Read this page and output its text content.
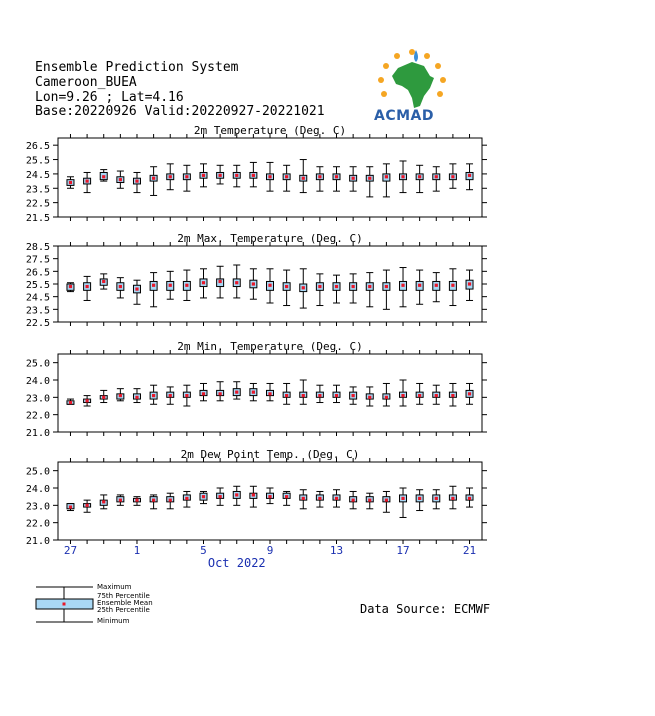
Ensemble Prediction System
Cameroon_BUEA
Lon=9.26 ; Lat=4.16
Base:20220926 Valid:20220927-20221021	ACMAD
2m Temperature (Deg. C)
21.5
22.5
23.5
24.5
25.5
26.5
2m Max. Temperature (Deg. C)
22.5
23.5
24.5
25.5
26.5
27.5
28.5
2m Min. Temperature (Deg. C)
21.0
22.0
23.0
24.0
25.0
2m Dew Point Temp. (Deg. C)
21.0
22.0
23.0
24.0
25.0
27	1	5	9	13	17	21
Oct 2022
Maximum
75th Percentile
Ensemble Mean
25th Percentile
Minimum
Data Source: ECMWF
